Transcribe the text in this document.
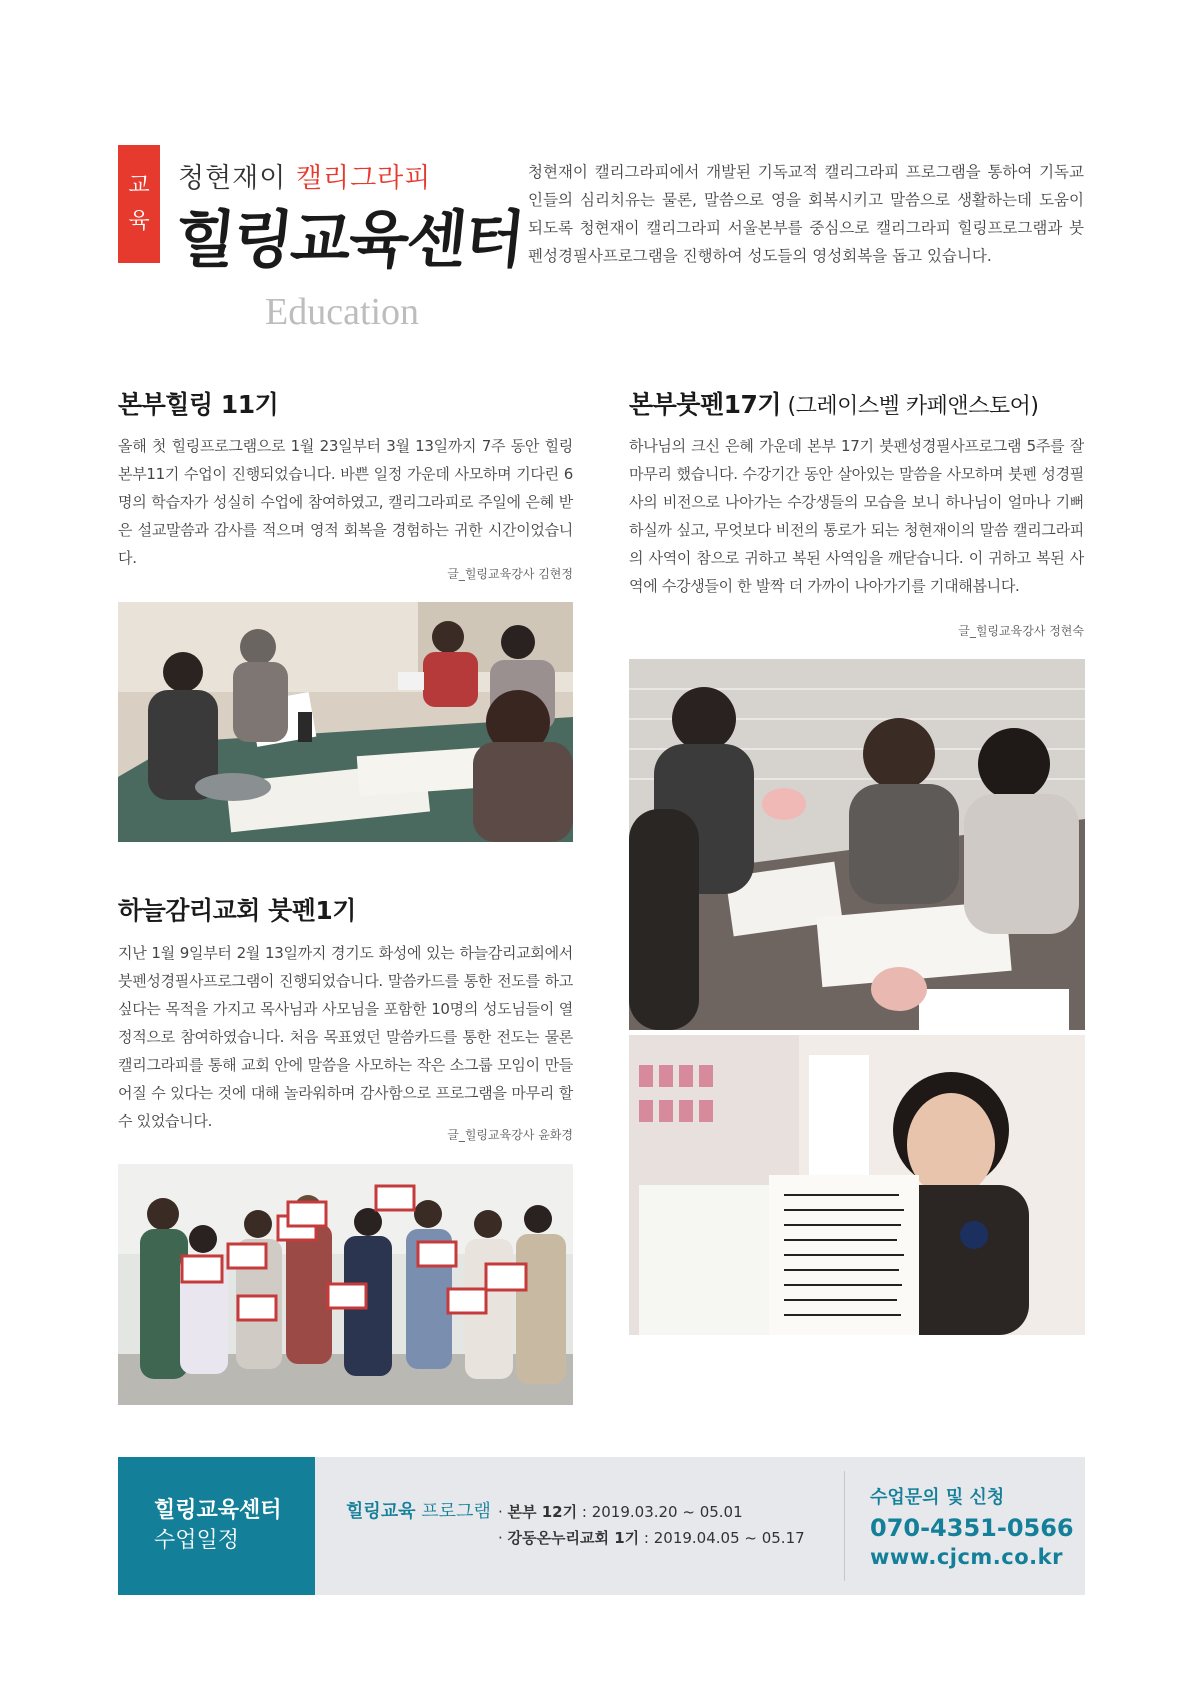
교
육
청현재이 캘리그라피
힐링교육센터
Education
청현재이 캘리그라피에서 개발된 기독교적 캘리그라피 프로그램을 통하여 기독교인들의 심리치유는 물론, 말씀으로 영을 회복시키고 말씀으로 생활하는데 도움이 되도록 청현재이 캘리그라피 서울본부를 중심으로 캘리그라피 힐링프로그램과 붓펜성경필사프로그램을 진행하여 성도들의 영성회복을 돕고 있습니다.
본부힐링 11기
올해 첫 힐링프로그램으로 1월 23일부터 3월 13일까지 7주 동안 힐링본부11기 수업이 진행되었습니다. 바쁜 일정 가운데 사모하며 기다린 6명의 학습자가 성실히 수업에 참여하였고, 캘리그라피로 주일에 은혜 받은 설교말씀과 감사를 적으며 영적 회복을 경험하는 귀한 시간이었습니다.
글_힐링교육강사 김현정
하늘감리교회 붓펜1기
지난 1월 9일부터 2월 13일까지 경기도 화성에 있는 하늘감리교회에서 붓펜성경필사프로그램이 진행되었습니다. 말씀카드를 통한 전도를 하고 싶다는 목적을 가지고 목사님과 사모님을 포함한 10명의 성도님들이 열정적으로 참여하였습니다. 처음 목표였던 말씀카드를 통한 전도는 물론 캘리그라피를 통해 교회 안에 말씀을 사모하는 작은 소그룹 모임이 만들어질 수 있다는 것에 대해 놀라워하며 감사함으로 프로그램을 마무리 할 수 있었습니다.
글_힐링교육강사 윤화경
본부붓펜17기 (그레이스벨 카페앤스토어)
하나님의 크신 은혜 가운데 본부 17기 붓펜성경필사프로그램 5주를 잘 마무리 했습니다. 수강기간 동안 살아있는 말씀을 사모하며 붓펜 성경필사의 비전으로 나아가는 수강생들의 모습을 보니 하나님이 얼마나 기뻐하실까 싶고, 무엇보다 비전의 통로가 되는 청현재이의 말씀 캘리그라피의 사역이 참으로 귀하고 복된 사역임을 깨닫습니다. 이 귀하고 복된 사역에 수강생들이 한 발짝 더 가까이 나아가기를 기대해봅니다.
글_힐링교육강사 정현숙
힐링교육센터
수업일정
힐링교육 프로그램 · 본부 12기 : 2019.03.20 ~ 05.01
· 강동온누리교회 1기 : 2019.04.05 ~ 05.17
수업문의 및 신청
070-4351-0566
www.cjcm.co.kr
